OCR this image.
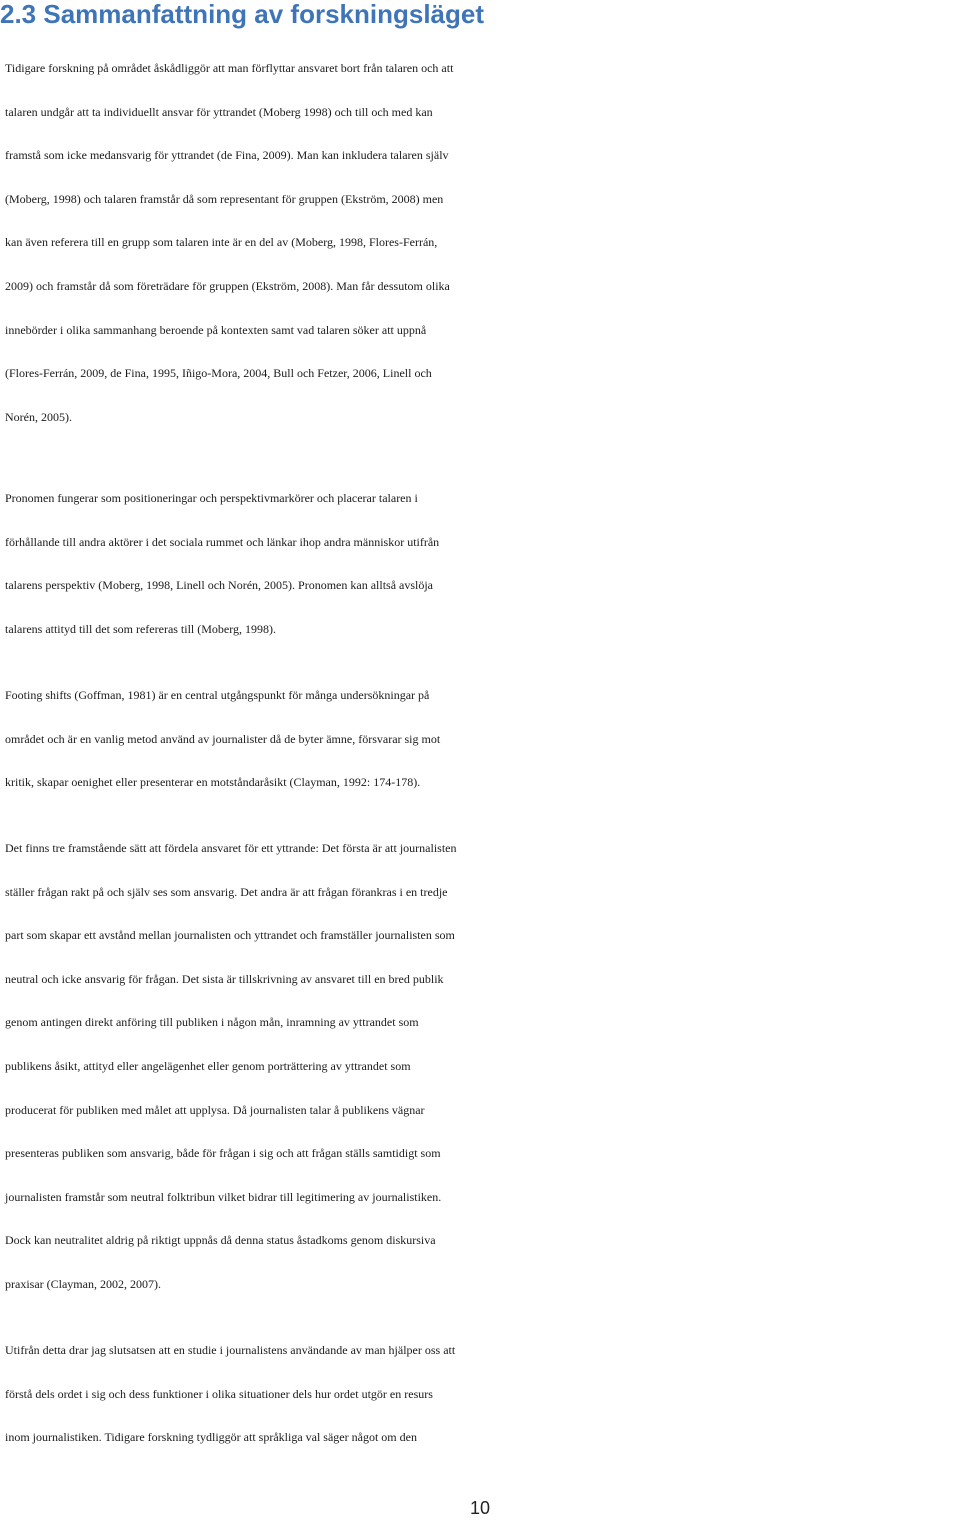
2.3 Sammanfattning av forskningsläget

Tidigare forskning på området åskådliggör att man förflyttar ansvaret bort från talaren och att
talaren undgår att ta individuellt ansvar för yttrandet (Moberg 1998) och till och med kan
framstå som icke medansvarig för yttrandet (de Fina, 2009). Man kan inkludera talaren själv
(Moberg, 1998) och talaren framstår då som representant för gruppen (Ekström, 2008) men
kan även referera till en grupp som talaren inte är en del av (Moberg, 1998, Flores-Ferrán,
2009) och framstår då som företrädare för gruppen (Ekström, 2008). Man får dessutom olika
innebörder i olika sammanhang beroende på kontexten samt vad talaren söker att uppnå
(Flores-Ferrán, 2009, de Fina, 1995, Iñigo-Mora, 2004, Bull och Fetzer, 2006, Linell och
Norén, 2005).

Pronomen fungerar som positioneringar och perspektivmarkörer och placerar talaren i
förhållande till andra aktörer i det sociala rummet och länkar ihop andra människor utifrån
talarens perspektiv (Moberg, 1998, Linell och Norén, 2005). Pronomen kan alltså avslöja
talarens attityd till det som refereras till (Moberg, 1998).

Footing shifts (Goffman, 1981) är en central utgångspunkt för många undersökningar på
området och är en vanlig metod använd av journalister då de byter ämne, försvarar sig mot
kritik, skapar oenighet eller presenterar en motståndaråsikt (Clayman, 1992: 174-178).

Det finns tre framstående sätt att fördela ansvaret för ett yttrande: Det första är att journalisten
ställer frågan rakt på och själv ses som ansvarig. Det andra är att frågan förankras i en tredje
part som skapar ett avstånd mellan journalisten och yttrandet och framställer journalisten som
neutral och icke ansvarig för frågan. Det sista är tillskrivning av ansvaret till en bred publik
genom antingen direkt anföring till publiken i någon mån, inramning av yttrandet som
publikens åsikt, attityd eller angelägenhet eller genom porträttering av yttrandet som
producerat för publiken med målet att upplysa. Då journalisten talar å publikens vägnar
presenteras publiken som ansvarig, både för frågan i sig och att frågan ställs samtidigt som
journalisten framstår som neutral folktribun vilket bidrar till legitimering av journalistiken.
Dock kan neutralitet aldrig på riktigt uppnås då denna status åstadkoms genom diskursiva
praxisar (Clayman, 2002, 2007).

Utifrån detta drar jag slutsatsen att en studie i journalistens användande av man hjälper oss att
förstå dels ordet i sig och dess funktioner i olika situationer dels hur ordet utgör en resurs
inom journalistiken. Tidigare forskning tydliggör att språkliga val säger något om den

10
